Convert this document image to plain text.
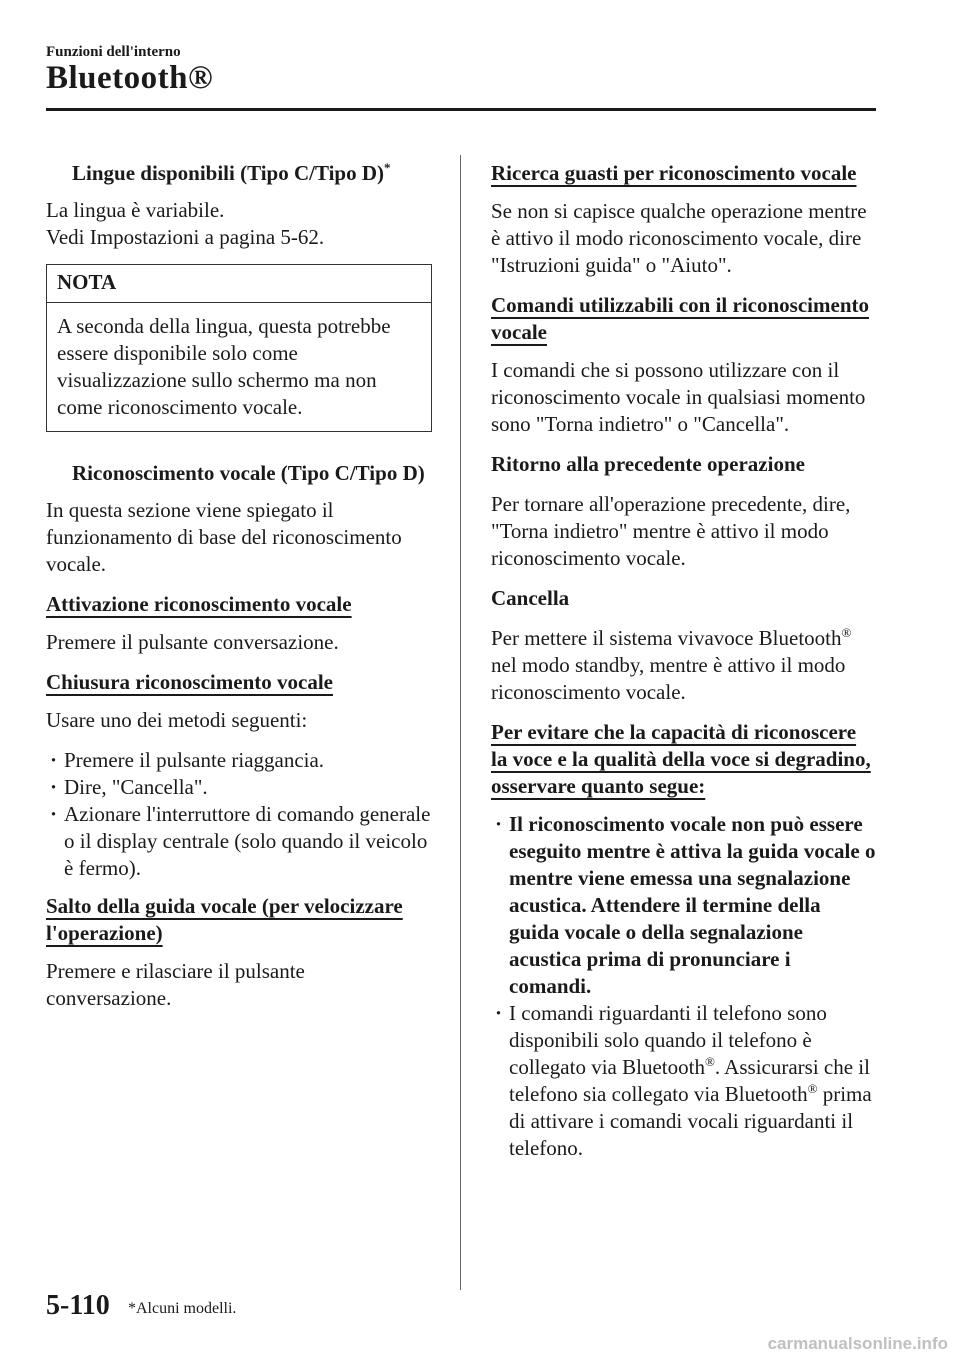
Funzioni dell'interno
Bluetooth®

Lingue disponibili (Tipo C/Tipo D)*

La lingua è variabile.

Vedi Impostazioni a pagina 5-62.

NOTA
A seconda della lingua, questa potrebbe essere disponibile solo come visualizzazione sullo schermo ma non come riconoscimento vocale.

Riconoscimento vocale (Tipo C/Tipo D)

In questa sezione viene spiegato il funzionamento di base del riconoscimento vocale.

Attivazione riconoscimento vocale

Premere il pulsante conversazione.

Chiusura riconoscimento vocale

Usare uno dei metodi seguenti:

· Premere il pulsante riaggancia.
· Dire, "Cancella".
· Azionare l'interruttore di comando generale o il display centrale (solo quando il veicolo è fermo).
Salto della guida vocale (per velocizzare l'operazione)

Premere e rilasciare il pulsante conversazione.

Ricerca guasti per riconoscimento vocale

Se non si capisce qualche operazione mentre è attivo il modo riconoscimento vocale, dire "Istruzioni guida" o "Aiuto".

Comandi utilizzabili con il riconoscimento vocale

I comandi che si possono utilizzare con il riconoscimento vocale in qualsiasi momento sono "Torna indietro" o "Cancella".

Ritorno alla precedente operazione

Per tornare all'operazione precedente, dire, "Torna indietro" mentre è attivo il modo riconoscimento vocale.

Cancella

Per mettere il sistema vivavoce Bluetooth® nel modo standby, mentre è attivo il modo riconoscimento vocale.

Per evitare che la capacità di riconoscere la voce e la qualità della voce si degradino, osservare quanto segue:
· Il riconoscimento vocale non può essere eseguito mentre è attiva la guida vocale o mentre viene emessa una segnalazione acustica. Attendere il termine della guida vocale o della segnalazione acustica prima di pronunciare i comandi.
· I comandi riguardanti il telefono sono disponibili solo quando il telefono è collegato via Bluetooth®. Assicurarsi che il telefono sia collegato via Bluetooth® prima di attivare i comandi vocali riguardanti il telefono.
5-110 *Alcuni modelli.
carmanualsonline.info
